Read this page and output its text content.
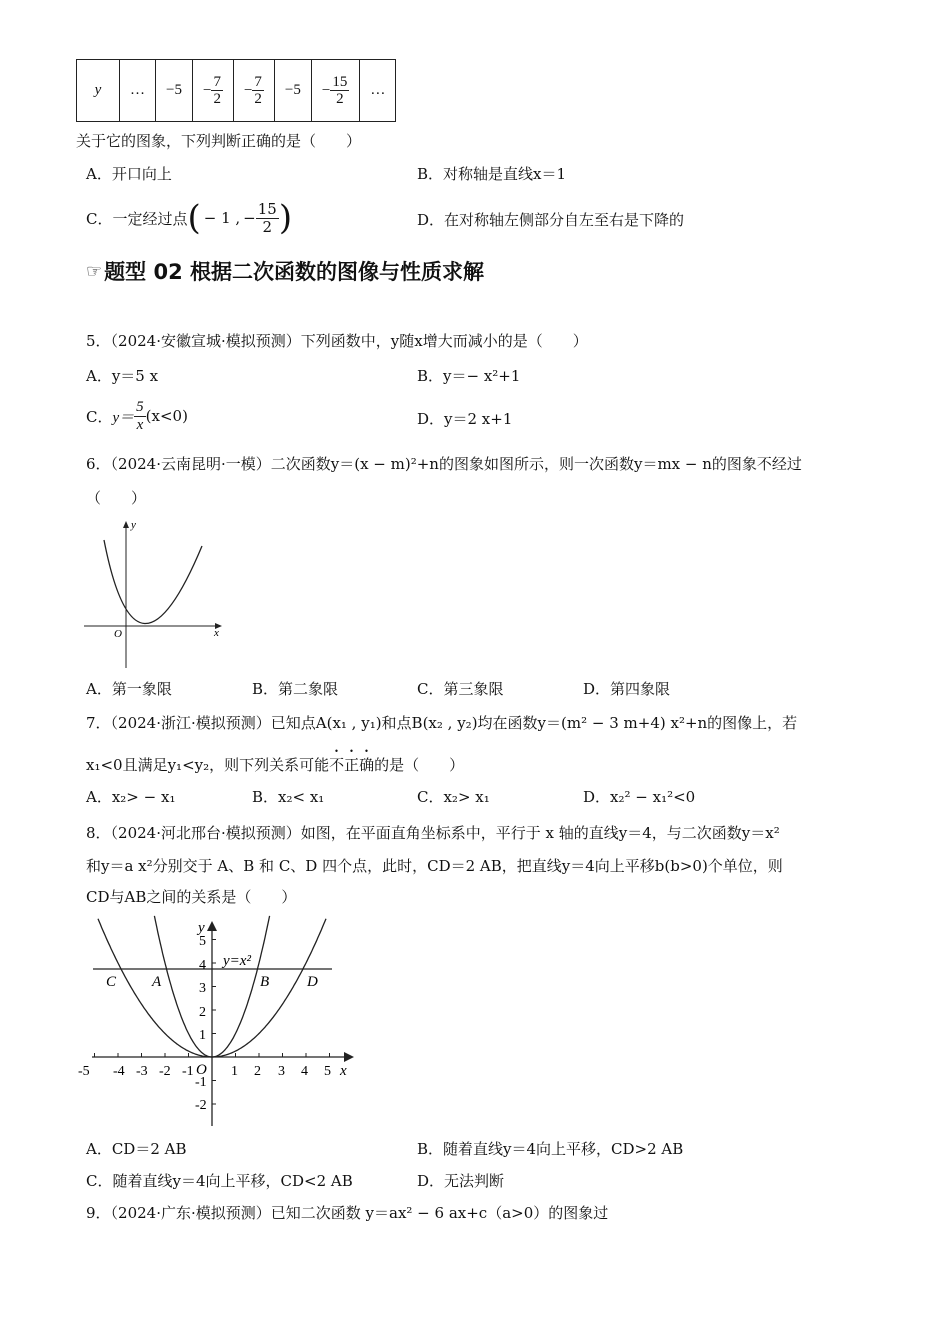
y	…	−5	− $\frac{7}{2}$	− $\frac{7}{2}$	−5	− $\frac{15}{2}$	…
关于它的图象，下列判断正确的是（　　）
A．开口向上	B．对称轴是直线x＝1
C．一定经过点 ( − 1 , − $\frac{15}{2}$ )	D．在对称轴左侧部分自左至右是下降的
☞ 题型 02 根据二次函数的图像与性质求解
5．（2024·安徽宣城·模拟预测）下列函数中，y随x增大而减小的是（　　）
A．y＝5 x	B．y＝− x²+1
C． $y= \frac{5}{x} (x<0)$	D．y＝2 x+1
6．（2024·云南昆明·一模）二次函数y＝(x − m)²+n的图象如图所示，则一次函数y＝mx − n的图象不经过
（　　）
x
y
O
A．第一象限	B．第二象限	C．第三象限	D．第四象限
7．（2024·浙江·模拟预测）已知点A(x₁ , y₁)和点B(x₂ , y₂)均在函数y＝(m² − 3 m+4) x²+n的图像上，若
x₁<0且满足y₁<y₂，则下列关系可能不正确的是（　　）
A．x₂> − x₁	B．x₂< x₁	C．x₂> x₁	D．x₂² − x₁²<0
8．（2024·河北邢台·模拟预测）如图，在平面直角坐标系中，平行于 x 轴的直线y＝4，与二次函数y＝x²
和y＝a x²分别交于 A、B 和 C、D 四个点，此时，CD＝2 AB，把直线y＝4向上平移b(b>0)个单位，则
CD与AB之间的关系是（　　）
-5 -4 -3 -2 -1	1 2 3 4 5
5
4
3
2
1
-1
-2
x
y
O
y=x²
C A	B	D
A．CD＝2 AB	B．随着直线y＝4向上平移，CD>2 AB
C．随着直线y＝4向上平移，CD<2 AB	D．无法判断
9．（2024·广东·模拟预测）已知二次函数 y＝ax² − 6 ax+c（a>0）的图象过
